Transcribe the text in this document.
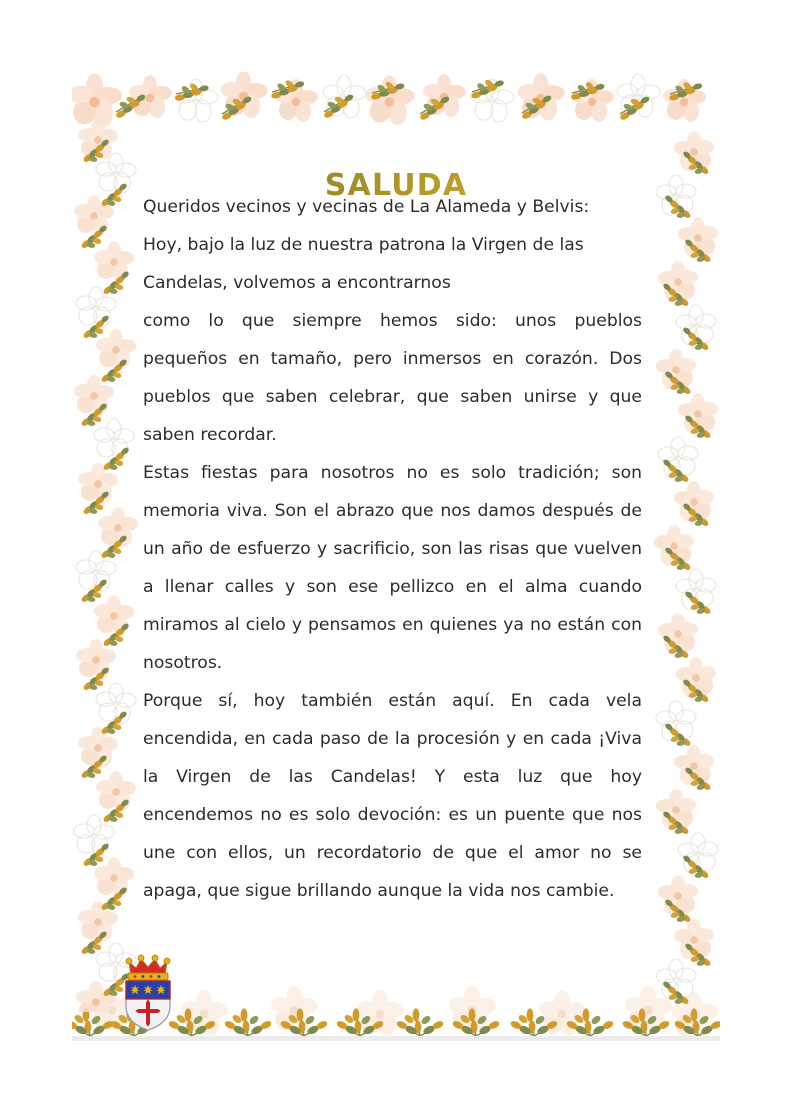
SALUDA

Queridos vecinos y vecinas de La Alameda y Belvis:

Hoy, bajo la luz de nuestra patrona la Virgen de las Candelas, volvemos a encontrarnos

como lo que siempre hemos sido: unos pueblos pequeños en tamaño, pero inmersos en corazón. Dos pueblos que saben celebrar, que saben unirse y que saben recordar.

Estas fiestas para nosotros no es solo tradición; son memoria viva. Son el abrazo que nos damos después de un año de esfuerzo y sacrificio, son las risas que vuelven a llenar calles y son ese pellizco en el alma cuando miramos al cielo y pensamos en quienes ya no están con nosotros.

Porque sí, hoy también están aquí. En cada vela encendida, en cada paso de la procesión y en cada ¡Viva la Virgen de las Candelas! Y esta luz que hoy encendemos no es solo devoción: es un puente que nos une con ellos, un recordatorio de que el amor no se apaga, que sigue brillando aunque la vida nos cambie.
